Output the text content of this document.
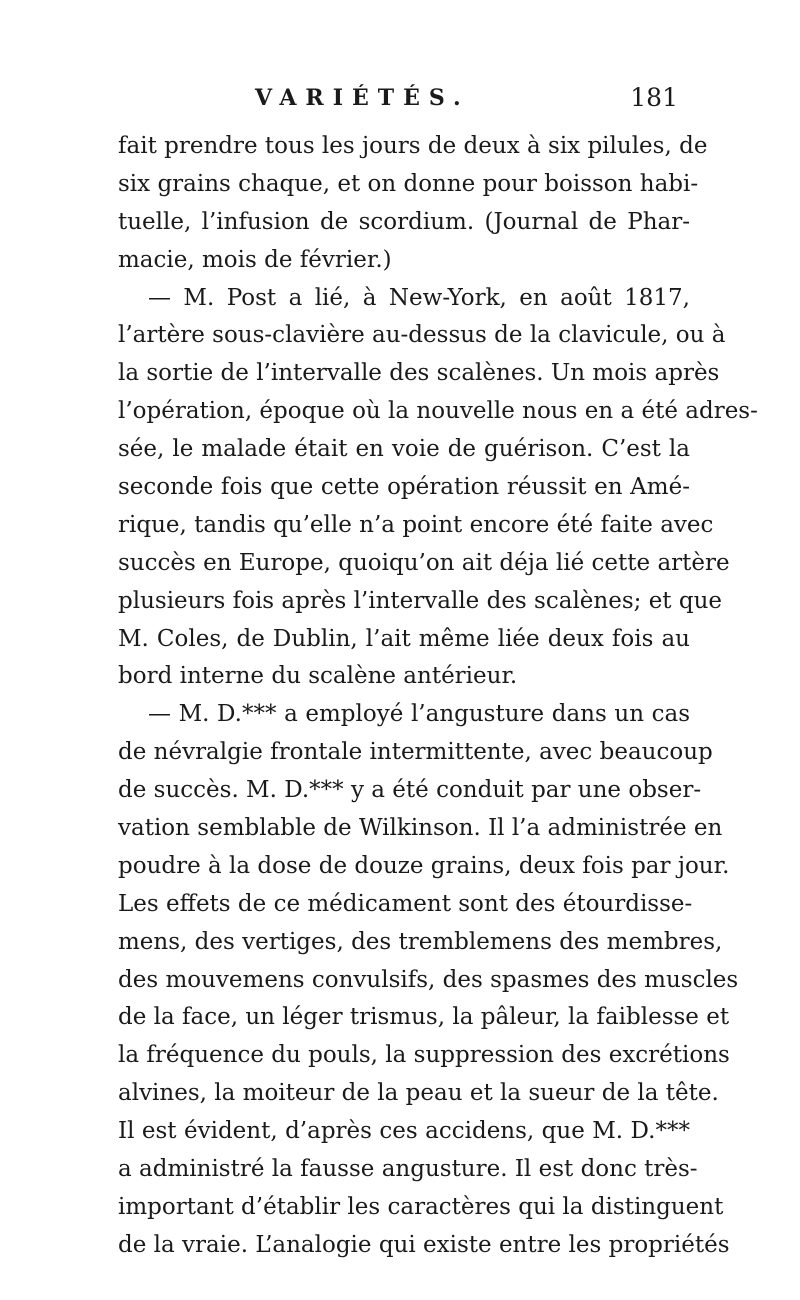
VARIÉTÉS.	181
fait prendre tous les jours de deux à six pilules, de
six grains chaque, et on donne pour boisson habi-
tuelle, l’infusion de scordium. (Journal de Phar-
macie, mois de février.)
— M. Post a lié, à New-York, en août 1817,
l’artère sous-clavière au-dessus de la clavicule, ou à
la sortie de l’intervalle des scalènes. Un mois après
l’opération, époque où la nouvelle nous en a été adres-
sée, le malade était en voie de guérison. C’est la
seconde fois que cette opération réussit en Amé-
rique, tandis qu’elle n’a point encore été faite avec
succès en Europe, quoiqu’on ait déja lié cette artère
plusieurs fois après l’intervalle des scalènes; et que
M. Coles, de Dublin, l’ait même liée deux fois au
bord interne du scalène antérieur.
— M. D.*** a employé l’angusture dans un cas
de névralgie frontale intermittente, avec beaucoup
de succès. M. D.*** y a été conduit par une obser-
vation semblable de Wilkinson. Il l’a administrée en
poudre à la dose de douze grains, deux fois par jour.
Les effets de ce médicament sont des étourdisse-
mens, des vertiges, des tremblemens des membres,
des mouvemens convulsifs, des spasmes des muscles
de la face, un léger trismus, la pâleur, la faiblesse et
la fréquence du pouls, la suppression des excrétions
alvines, la moiteur de la peau et la sueur de la tête.
Il est évident, d’après ces accidens, que M. D.***
a administré la fausse angusture. Il est donc très-
important d’établir les caractères qui la distinguent
de la vraie. L’analogie qui existe entre les propriétés
